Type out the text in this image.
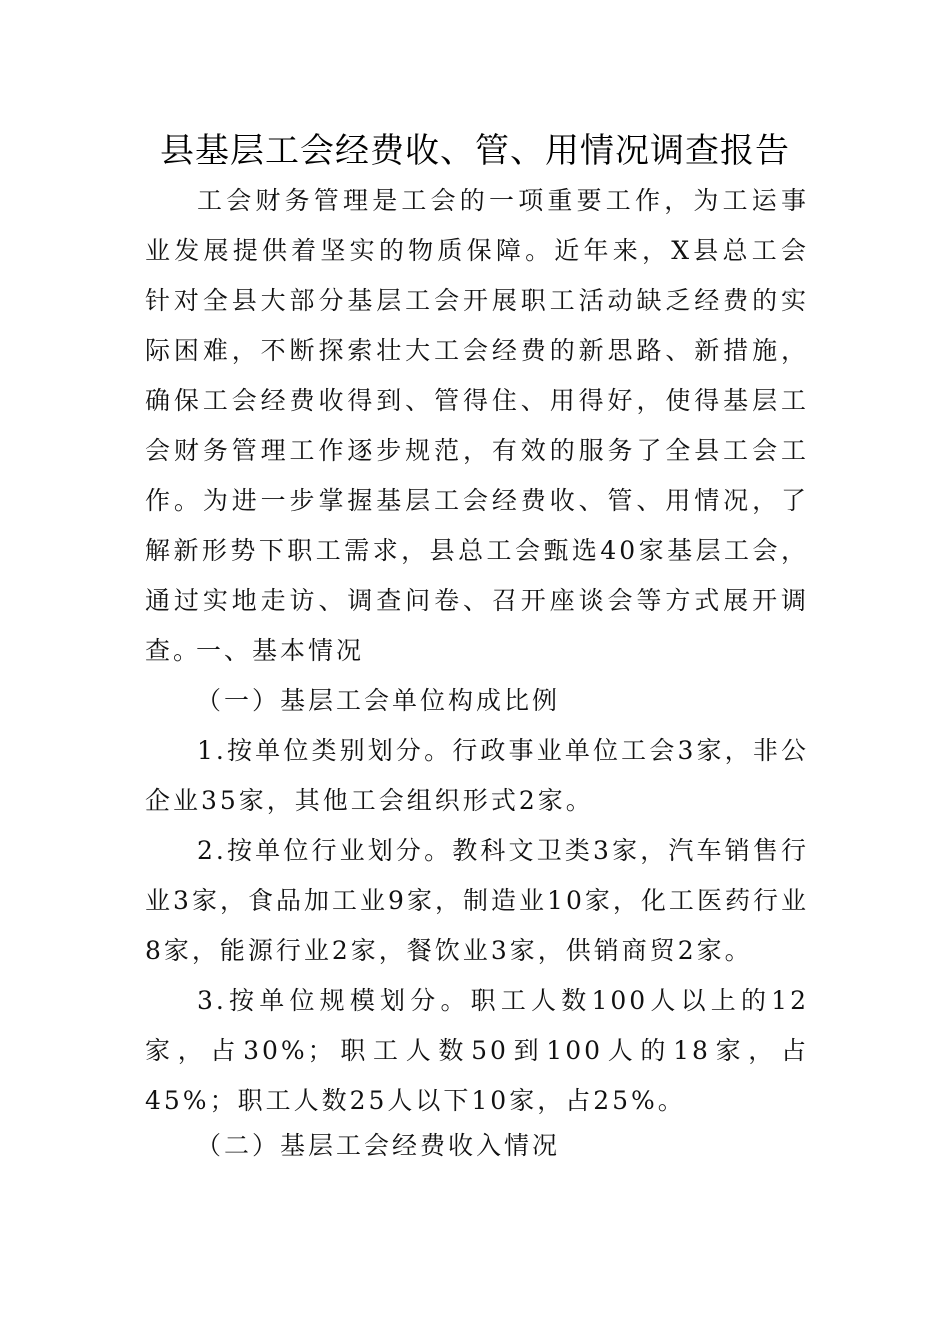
县基层工会经费收、管、用情况调查报告

工会财务管理是工会的一项重要工作，为工运事业发展提供着坚实的物质保障。近年来，X县总工会针对全县大部分基层工会开展职工活动缺乏经费的实际困难，不断探索壮大工会经费的新思路、新措施，确保工会经费收得到、管得住、用得好，使得基层工会财务管理工作逐步规范，有效的服务了全县工会工作。为进一步掌握基层工会经费收、管、用情况，了解新形势下职工需求，县总工会甄选40家基层工会，通过实地走访、调查问卷、召开座谈会等方式展开调查。

一、基本情况
（一）基层工会单位构成比例

1.按单位类别划分。行政事业单位工会3家，非公企业35家，其他工会组织形式2家。

2.按单位行业划分。教科文卫类3家，汽车销售行业3家，食品加工业9家，制造业10家，化工医药行业8家，能源行业2家，餐饮业3家，供销商贸2家。

3.按单位规模划分。职工人数100人以上的12家，占30%；职工人数50到100人的18家，占45%；职工人数25人以下10家，占25%。

（二）基层工会经费收入情况
